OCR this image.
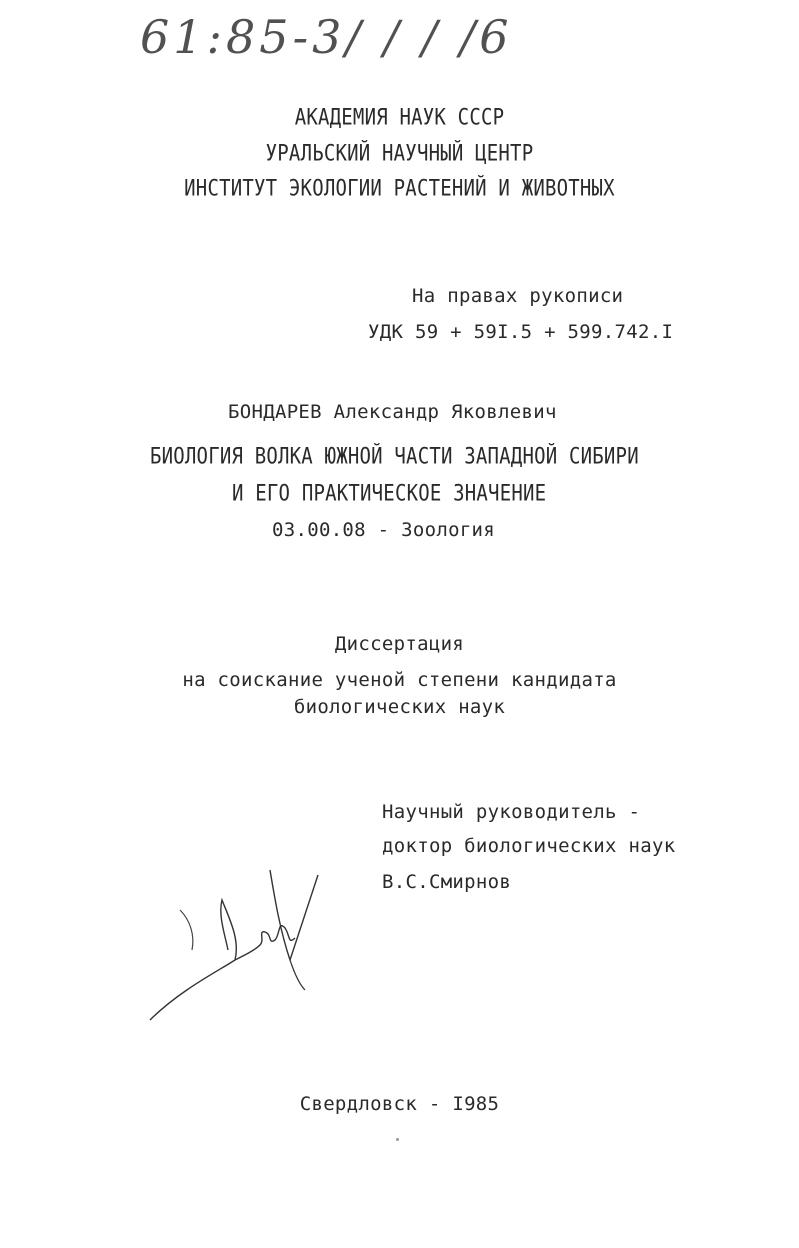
61:85-3/ / / /6
АКАДЕМИЯ НАУК СССР
УРАЛЬСКИЙ НАУЧНЫЙ ЦЕНТР
ИНСТИТУТ ЭКОЛОГИИ РАСТЕНИЙ И ЖИВОТНЫХ
На правах рукописи
УДК 59 + 59I.5 + 599.742.I
БОНДАРЕВ Александр Яковлевич
БИОЛОГИЯ ВОЛКА ЮЖНОЙ ЧАСТИ ЗАПАДНОЙ СИБИРИ
И ЕГО ПРАКТИЧЕСКОЕ ЗНАЧЕНИЕ
03.00.08 - Зоология
Диссертация
на соискание ученой степени кандидата
биологических наук
Научный руководитель -
доктор биологических наук
В.С.Смирнов
Свердловск - I985
